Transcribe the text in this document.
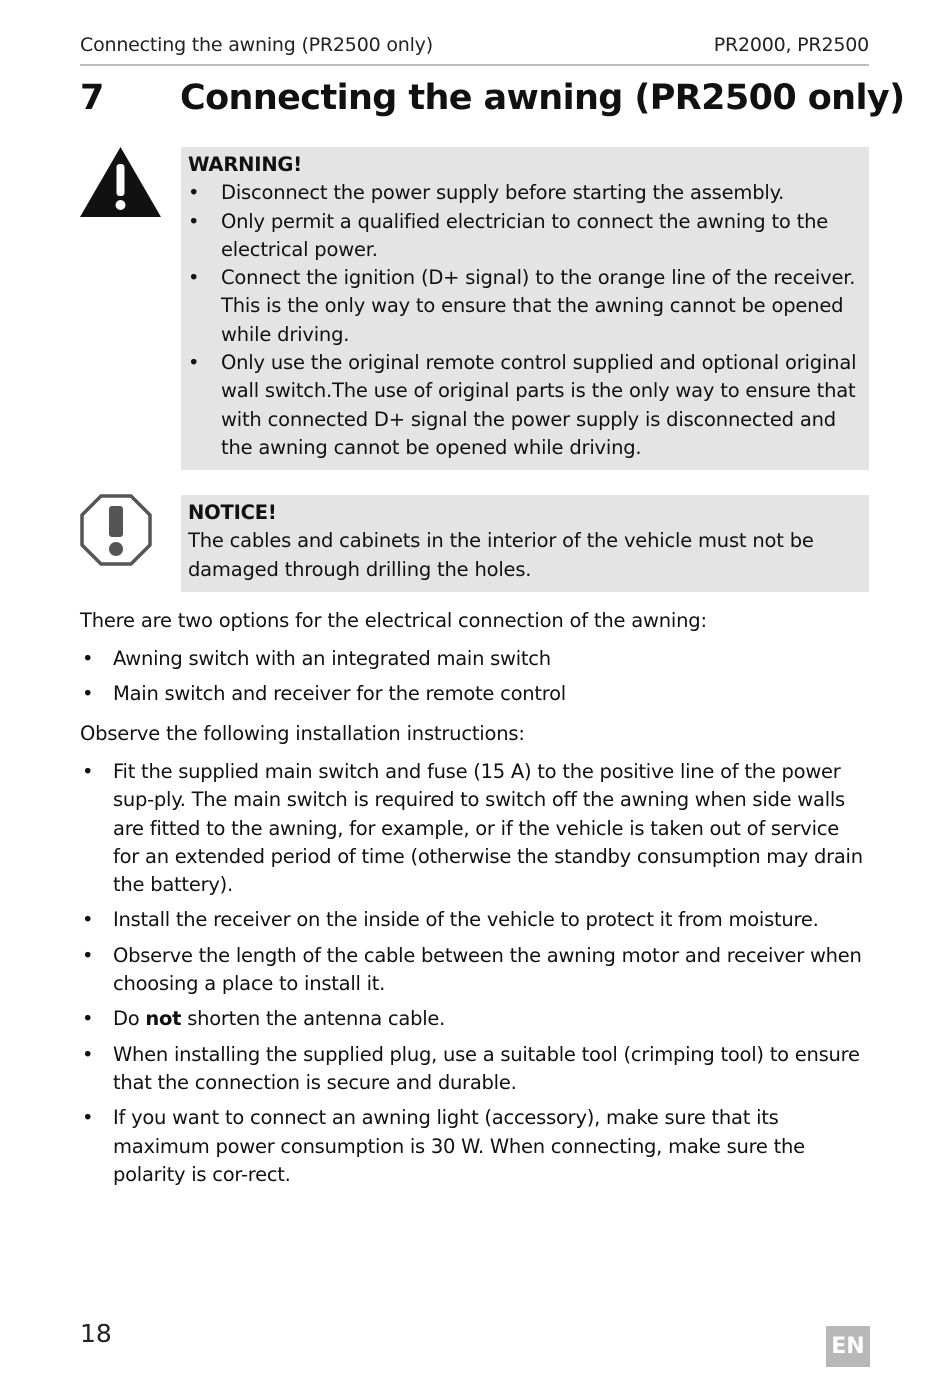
Connecting the awning (PR2500 only)	PR2000, PR2500
7 Connecting the awning (PR2500 only)
WARNING!
• Disconnect the power supply before starting the assembly.
• Only permit a qualified electrician to connect the awning to the electrical power.
• Connect the ignition (D+ signal) to the orange line of the receiver. This is the only way to ensure that the awning cannot be opened while driving.
• Only use the original remote control supplied and optional original wall switch.The use of original parts is the only way to ensure that with connected D+ signal the power supply is disconnected and the awning cannot be opened while driving.
NOTICE!
The cables and cabinets in the interior of the vehicle must not be damaged through drilling the holes.
There are two options for the electrical connection of the awning:
• Awning switch with an integrated main switch
• Main switch and receiver for the remote control
Observe the following installation instructions:
• Fit the supplied main switch and fuse (15 A) to the positive line of the power sup-ply. The main switch is required to switch off the awning when side walls are fitted to the awning, for example, or if the vehicle is taken out of service for an extended period of time (otherwise the standby consumption may drain the battery).
• Install the receiver on the inside of the vehicle to protect it from moisture.
• Observe the length of the cable between the awning motor and receiver when choosing a place to install it.
• Do not shorten the antenna cable.
• When installing the supplied plug, use a suitable tool (crimping tool) to ensure that the connection is secure and durable.
• If you want to connect an awning light (accessory), make sure that its maximum power consumption is 30 W. When connecting, make sure the polarity is cor-rect.
18	EN
